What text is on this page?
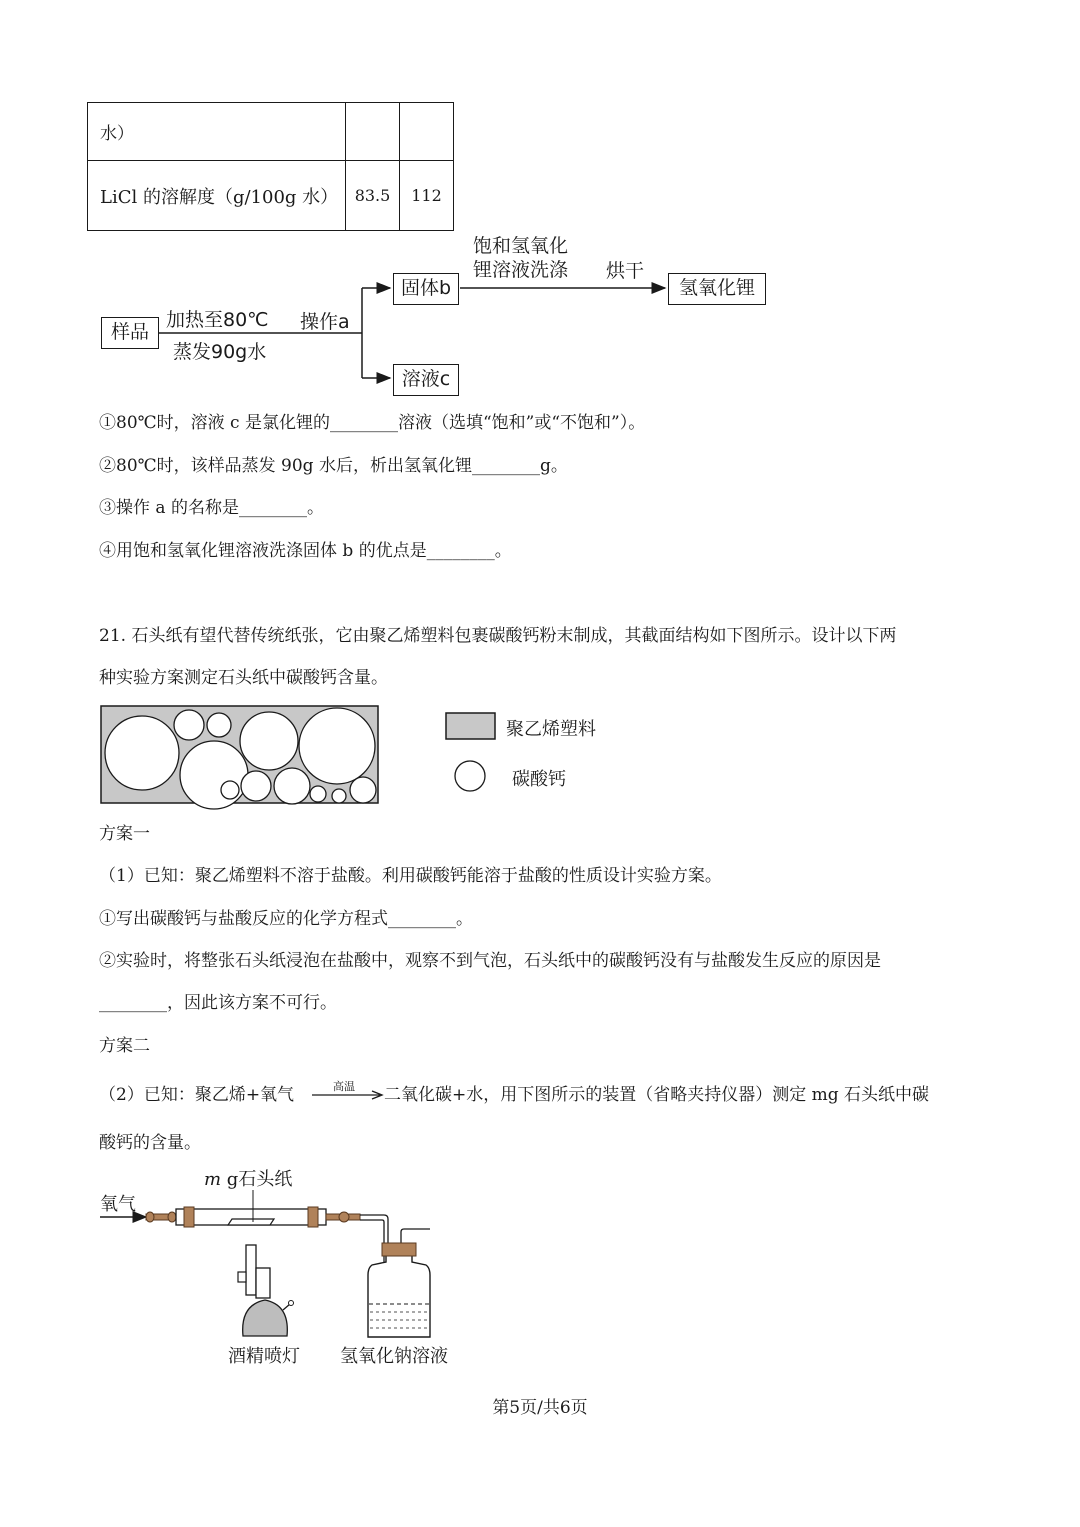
水）		
LiCl 的溶解度（g/100g 水）	83.5	112
样品
加热至80℃
蒸发90g水
操作a
固体b
溶液c
饱和氢氧化
锂溶液洗涤 烘干
氢氧化锂
①80℃时，溶液 c 是氯化锂的________溶液（选填“饱和”或“不饱和”）。
②80℃时，该样品蒸发 90g 水后，析出氢氧化锂________g。
③操作 a 的名称是________。
④用饱和氢氧化锂溶液洗涤固体 b 的优点是________。
21. 石头纸有望代替传统纸张，它由聚乙烯塑料包裹碳酸钙粉末制成，其截面结构如下图所示。设计以下两
种实验方案测定石头纸中碳酸钙含量。
聚乙烯塑料
碳酸钙
方案一
（1）已知：聚乙烯塑料不溶于盐酸。利用碳酸钙能溶于盐酸的性质设计实验方案。
①写出碳酸钙与盐酸反应的化学方程式________。
②实验时，将整张石头纸浸泡在盐酸中，观察不到气泡，石头纸中的碳酸钙没有与盐酸发生反应的原因是
________，因此该方案不可行。
方案二
（2）已知：聚乙烯+氧气	高温 二氧化碳+水，用下图所示的装置（省略夹持仪器）测定 mg 石头纸中碳
酸钙的含量。
m g石头纸
氧气
酒精喷灯 氢氧化钠溶液
第5页/共6页
